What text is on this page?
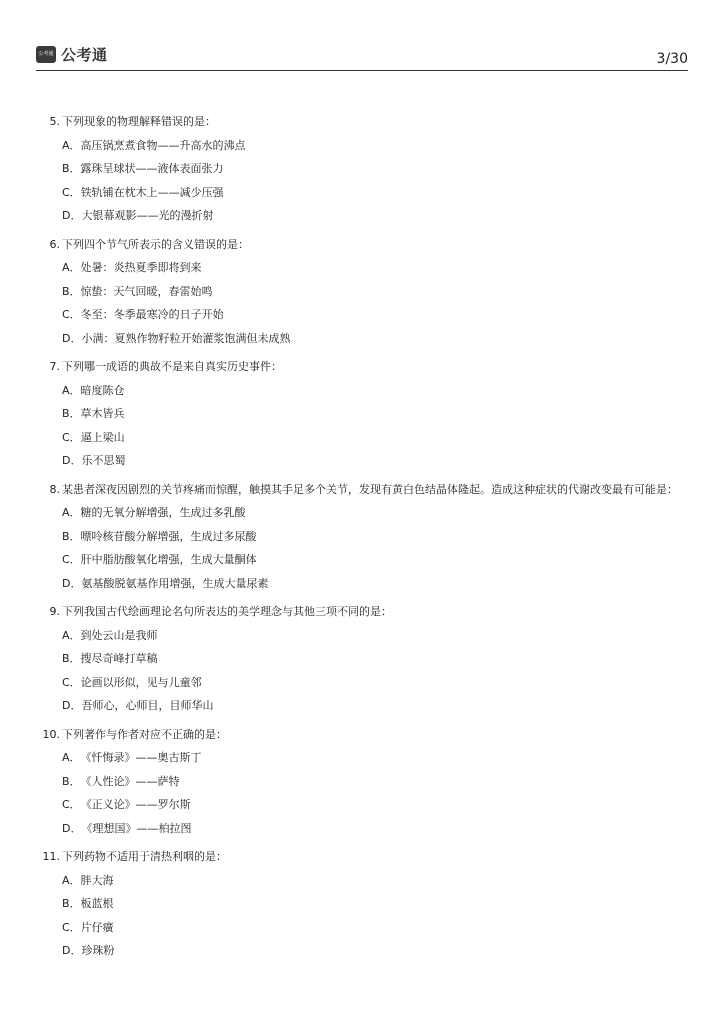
公考通 公考通	3/30
5. 下列现象的物理解释错误的是：
A．高压锅烹煮食物——升高水的沸点
B．露珠呈球状——液体表面张力
C．铁轨铺在枕木上——减少压强
D．大银幕观影——光的漫折射
6. 下列四个节气所表示的含义错误的是：
A．处暑：炎热夏季即将到来
B．惊蛰：天气回暖，春雷始鸣
C．冬至：冬季最寒冷的日子开始
D．小满：夏熟作物籽粒开始灌浆饱满但未成熟
7. 下列哪一成语的典故不是来自真实历史事件：
A．暗度陈仓
B．草木皆兵
C．逼上梁山
D．乐不思蜀
8. 某患者深夜因剧烈的关节疼痛而惊醒，触摸其手足多个关节，发现有黄白色结晶体隆起。造成这种症状的代谢改变最有可能是：
A．糖的无氧分解增强，生成过多乳酸
B．嘌呤核苷酸分解增强，生成过多尿酸
C．肝中脂肪酸氧化增强，生成大量酮体
D．氨基酸脱氨基作用增强，生成大量尿素
9. 下列我国古代绘画理论名句所表达的美学理念与其他三项不同的是：
A．到处云山是我师
B．搜尽奇峰打草稿
C．论画以形似，见与儿童邻
D．吾师心，心师目，目师华山
10. 下列著作与作者对应不正确的是：
A．《忏悔录》——奥古斯丁
B．《人性论》——萨特
C．《正义论》——罗尔斯
D．《理想国》——柏拉图
11. 下列药物不适用于清热利咽的是：
A．胖大海
B．板蓝根
C．片仔癀
D．珍珠粉
